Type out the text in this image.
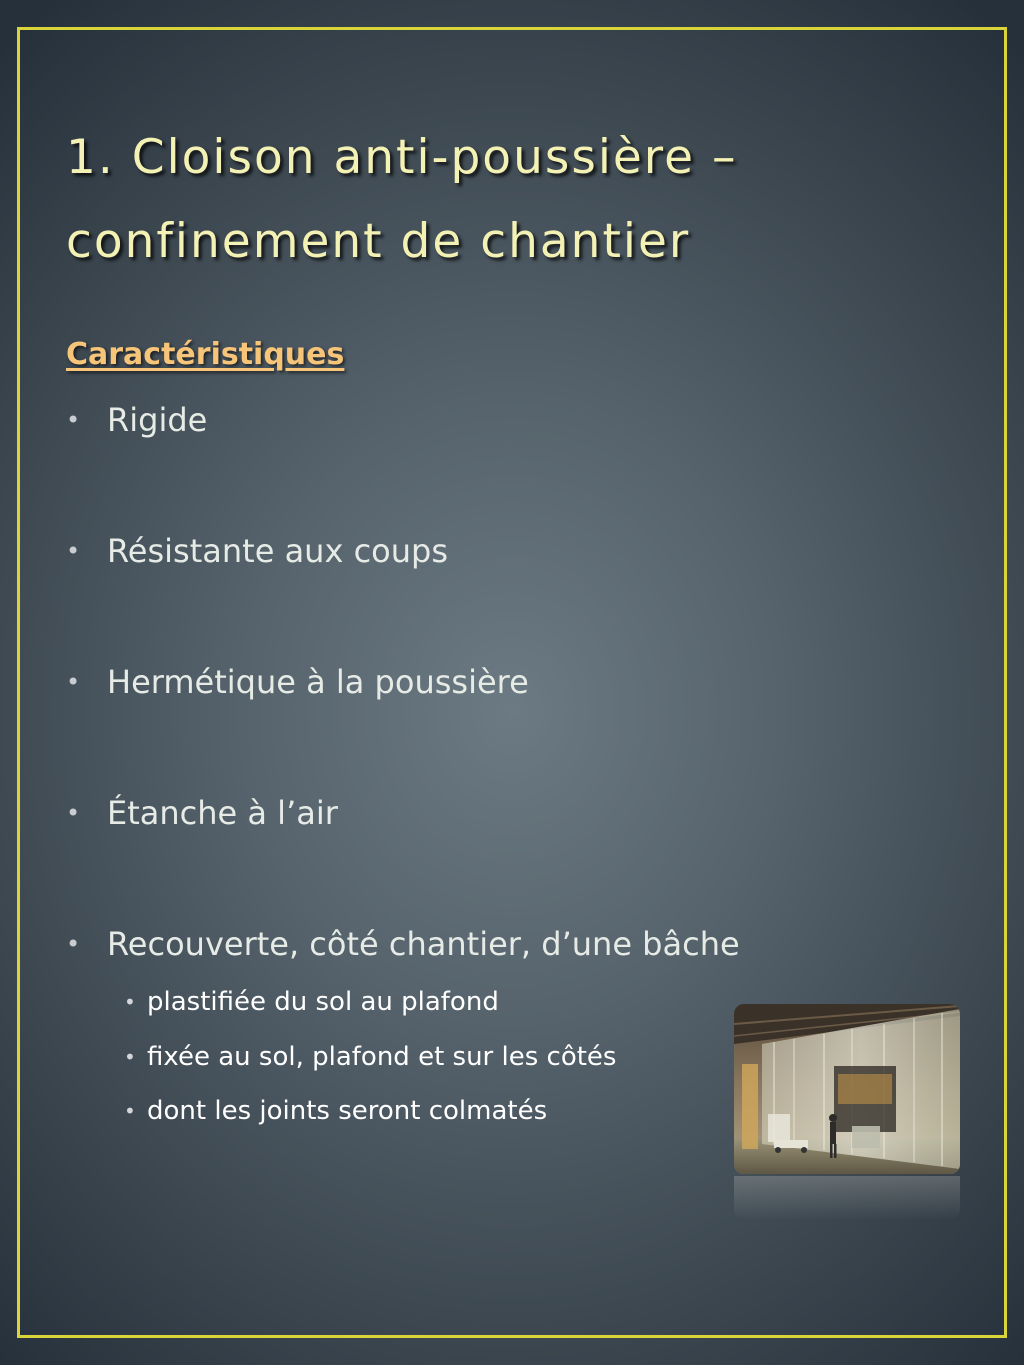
1. Cloison anti-poussière – confinement de chantier
Caractéristiques
• Rigide
• Résistante aux coups
• Hermétique à la poussière
• Étanche à l’air
• Recouverte, côté chantier, d’une bâche
• plastifiée du sol au plafond
• fixée au sol, plafond et sur les côtés
• dont les joints seront colmatés
